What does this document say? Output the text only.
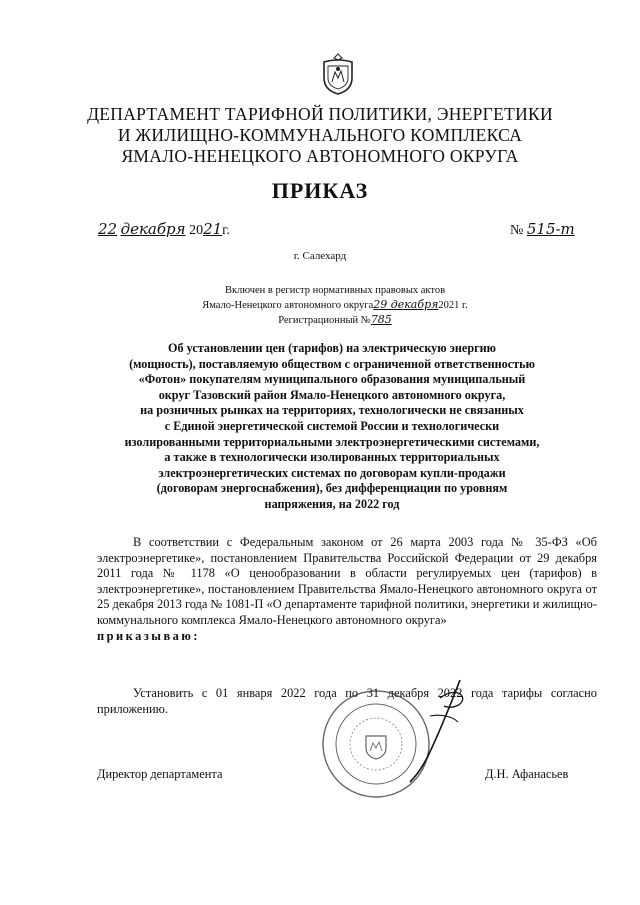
ДЕПАРТАМЕНТ ТАРИФНОЙ ПОЛИТИКИ, ЭНЕРГЕТИКИ
И ЖИЛИЩНО-КОММУНАЛЬНОГО КОМПЛЕКСА
ЯМАЛО-НЕНЕЦКОГО АВТОНОМНОГО ОКРУГА
ПРИКАЗ
22 декабря 2021г.	№ 515-т
г. Салехард
Включен в регистр нормативных правовых актов
Ямало-Ненецкого автономного округа29 декабря2021 г.
Регистрационный №785
Об установлении цен (тарифов) на электрическую энергию
(мощность), поставляемую обществом с ограниченной ответственностью
«Фотон» покупателям муниципального образования муниципальный
округ Тазовский район Ямало-Ненецкого автономного округа,
на розничных рынках на территориях, технологически не связанных
с Единой энергетической системой России и технологически
изолированными территориальными электроэнергетическими системами,
а также в технологически изолированных территориальных
электроэнергетических системах по договорам купли-продажи
(договорам энергоснабжения), без дифференциации по уровням
напряжения, на 2022 год
В соответствии с Федеральным законом от 26 марта 2003 года № 35-ФЗ «Об электроэнергетике», постановлением Правительства Российской Федерации от 29 декабря 2011 года № 1178 «О ценообразовании в области регулируемых цен (тарифов) в электроэнергетике», постановлением Правительства Ямало-Ненецкого автономного округа от 25 декабря 2013 года № 1081-П «О департаменте тарифной политики, энергетики и жилищно-коммунального комплекса Ямало-Ненецкого автономного округа»
приказываю:
Установить с 01 января 2022 года по 31 декабря 2022 года тарифы согласно приложению.
Директор департамента	Д.Н. Афанасьев
